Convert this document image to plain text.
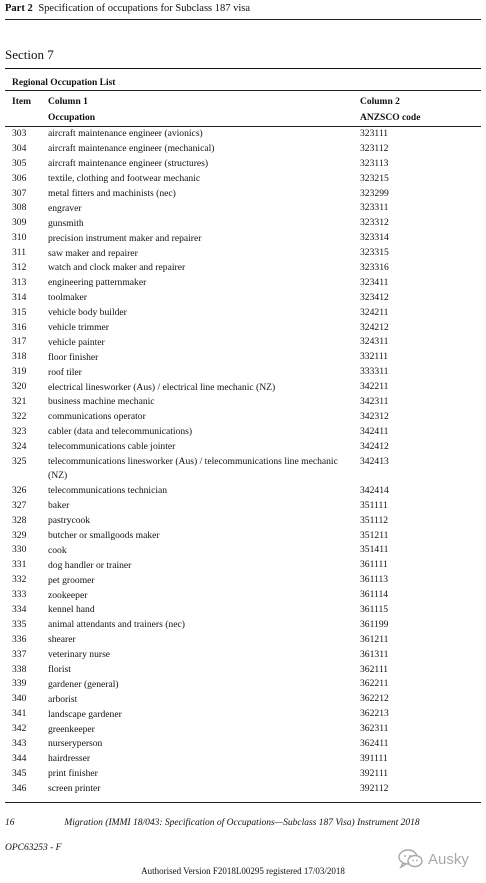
Part 2 Specification of occupations for Subclass 187 visa
Section 7
Regional Occupation List
Item	Column 1	Column 2
Occupation	ANZSCO code
303 aircraft maintenance engineer (avionics)	323111
304 aircraft maintenance engineer (mechanical)	323112
305 aircraft maintenance engineer (structures)	323113
306 textile, clothing and footwear mechanic	323215
307 metal fitters and machinists (nec)	323299
308 engraver	323311
309 gunsmith	323312
310 precision instrument maker and repairer	323314
311 saw maker and repairer	323315
312 watch and clock maker and repairer	323316
313 engineering patternmaker	323411
314 toolmaker	323412
315 vehicle body builder	324211
316 vehicle trimmer	324212
317 vehicle painter	324311
318 floor finisher	332111
319 roof tiler	333311
320 electrical linesworker (Aus) / electrical line mechanic (NZ)	342211
321 business machine mechanic	342311
322 communications operator	342312
323 cabler (data and telecommunications)	342411
324 telecommunications cable jointer	342412
325 telecommunications linesworker (Aus) / telecommunications line mechanic (NZ)
342413
326 telecommunications technician	342414
327 baker	351111
328 pastrycook	351112
329 butcher or smallgoods maker	351211
330 cook	351411
331 dog handler or trainer	361111
332 pet groomer	361113
333 zookeeper	361114
334 kennel hand	361115
335 animal attendants and trainers (nec)	361199
336 shearer	361211
337 veterinary nurse	361311
338 florist	362111
339 gardener (general)	362211
340 arborist	362212
341 landscape gardener	362213
342 greenkeeper	362311
343 nurseryperson	362411
344 hairdresser	391111
345 print finisher	392111
346 screen printer	392112
16	Migration (IMMI 18/043: Specification of Occupations—Subclass 187 Visa) Instrument 2018
OPC63253 - F
Authorised Version F2018L00295 registered 17/03/2018
Ausky
